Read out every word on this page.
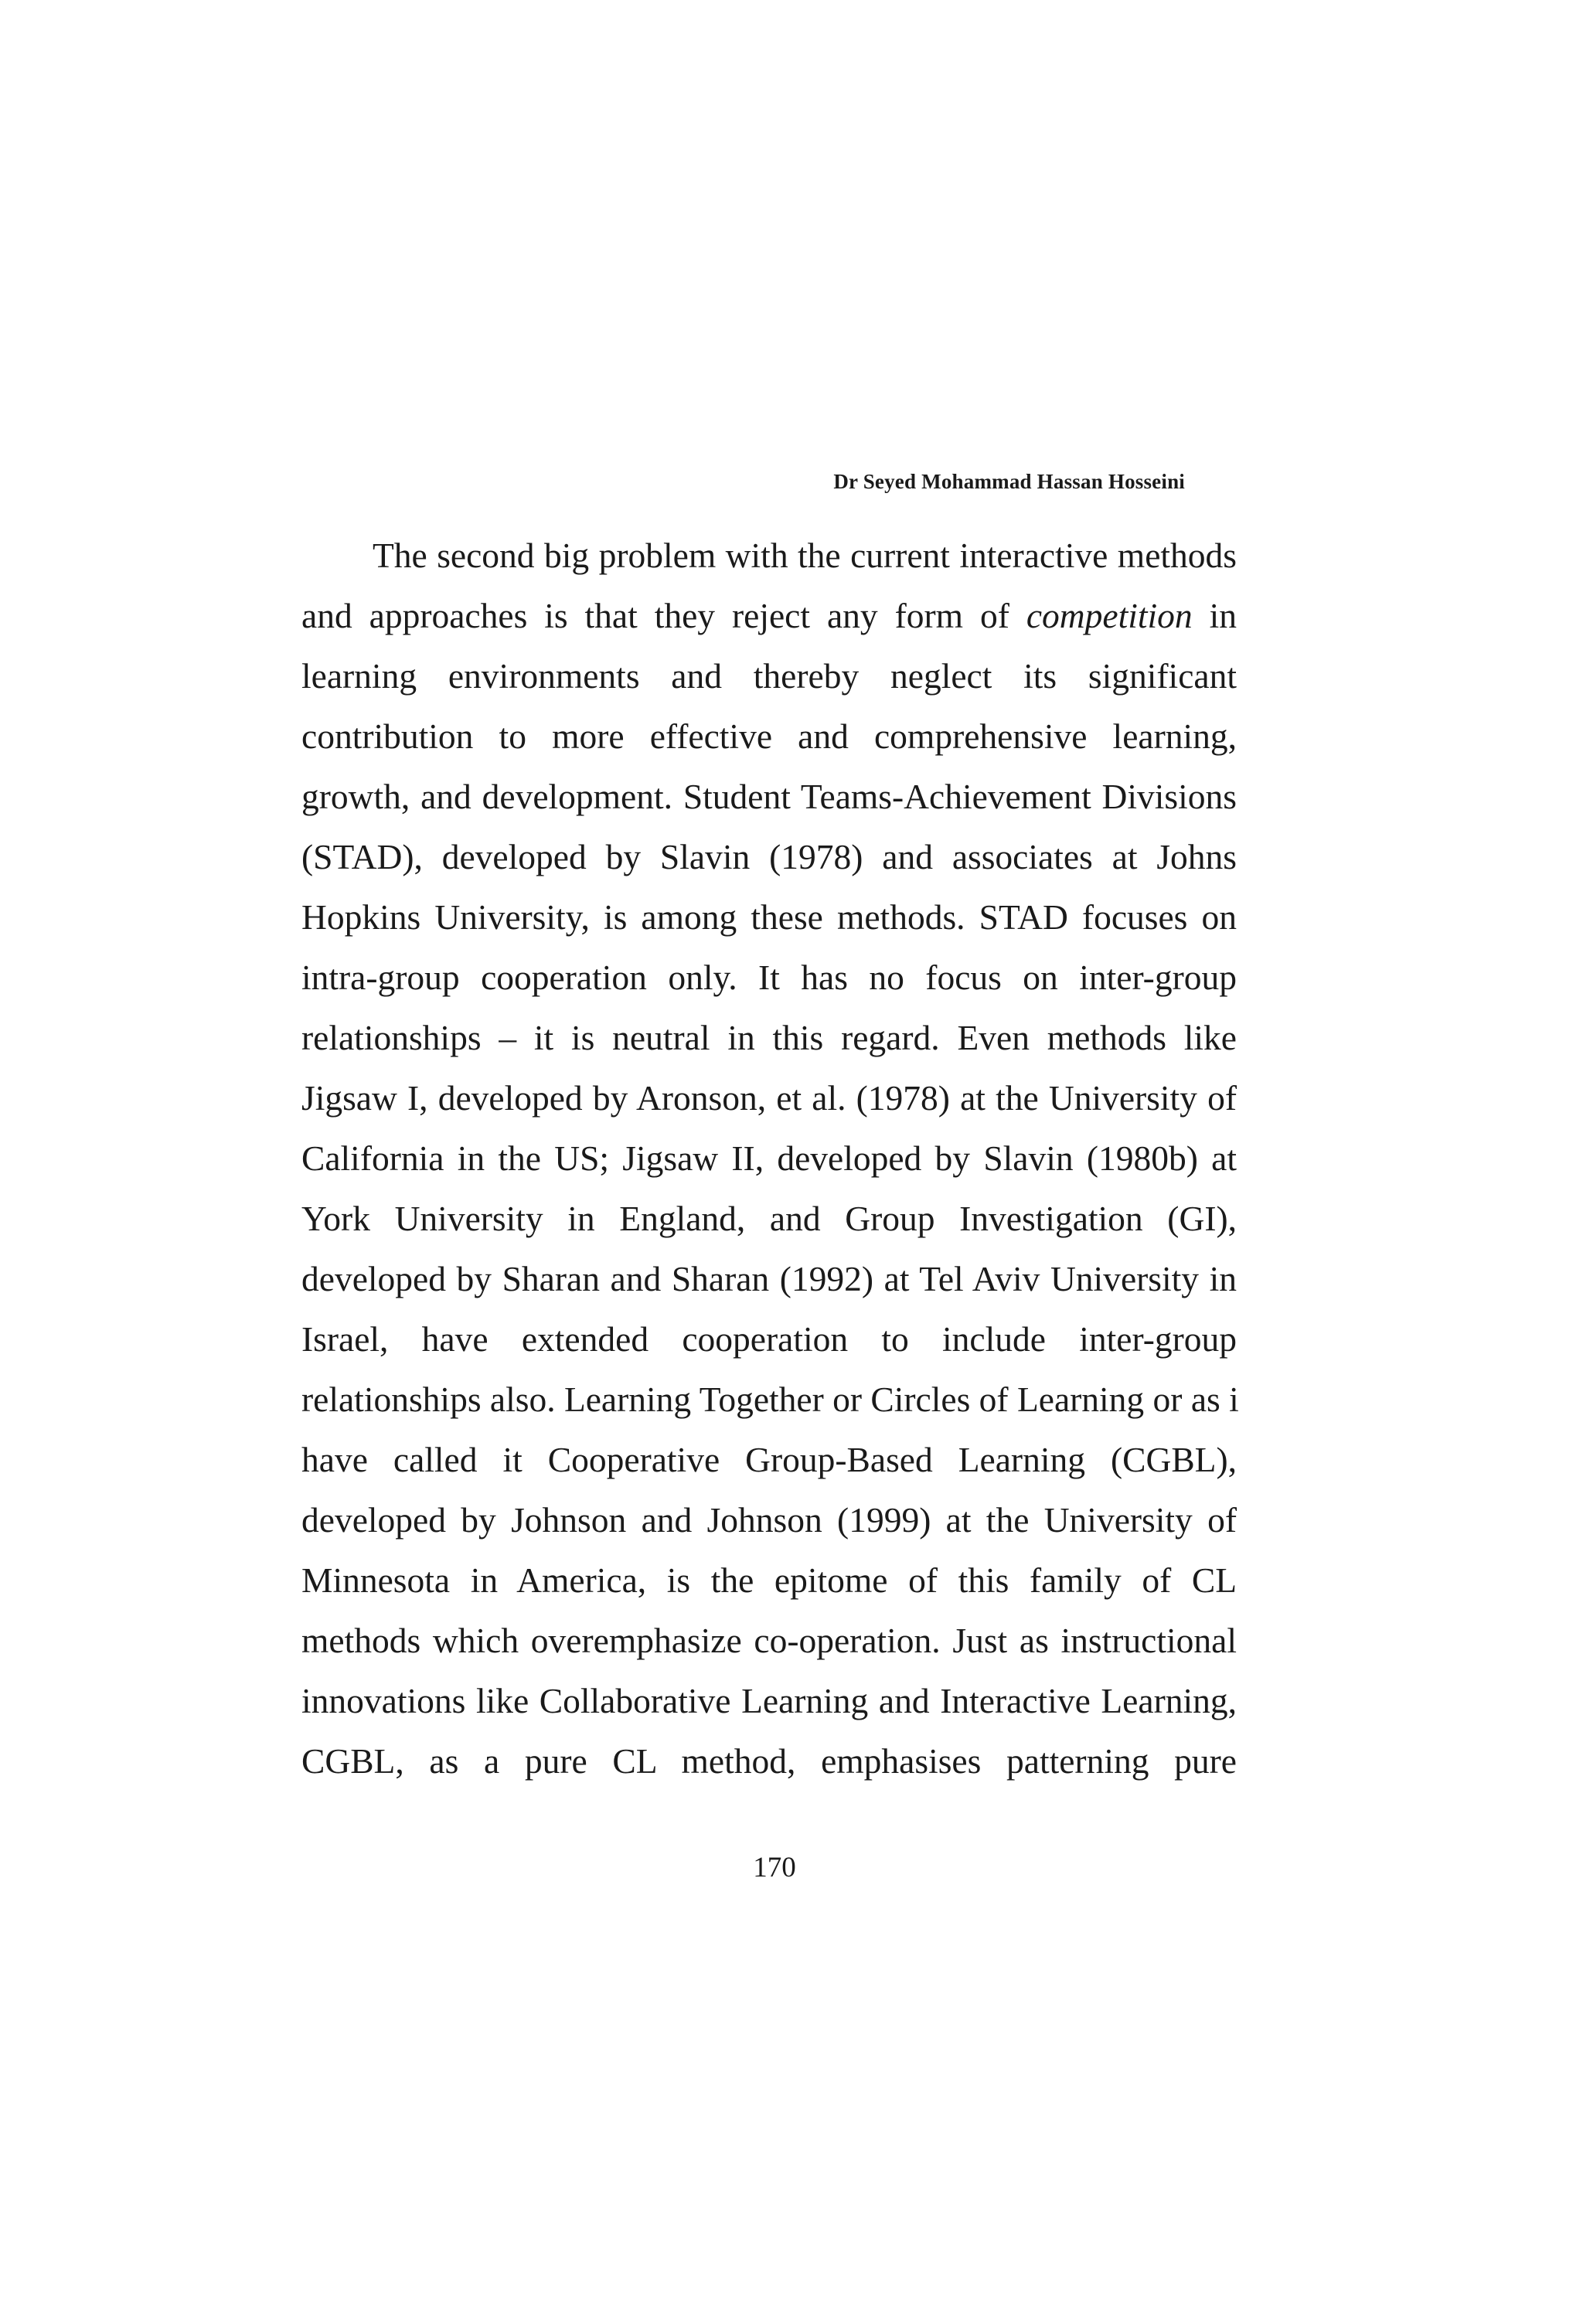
Dr Seyed Mohammad Hassan Hosseini
The second big problem with the current interactive methods
and approaches is that they reject any form of competition in
learning environments and thereby neglect its significant
contribution to more effective and comprehensive learning,
growth, and development. Student Teams-Achievement Divisions
(STAD), developed by Slavin (1978) and associates at Johns
Hopkins University, is among these methods. STAD focuses on
intra-group cooperation only. It has no focus on inter-group
relationships – it is neutral in this regard. Even methods like
Jigsaw I, developed by Aronson, et al. (1978) at the University of
California in the US; Jigsaw II, developed by Slavin (1980b) at
York University in England, and Group Investigation (GI),
developed by Sharan and Sharan (1992) at Tel Aviv University in
Israel, have extended cooperation to include inter-group
relationships also. Learning Together or Circles of Learning or as i
have called it Cooperative Group-Based Learning (CGBL),
developed by Johnson and Johnson (1999) at the University of
Minnesota in America, is the epitome of this family of CL
methods which overemphasize co-operation. Just as instructional
innovations like Collaborative Learning and Interactive Learning,
CGBL, as a pure CL method, emphasises patterning pure
170
